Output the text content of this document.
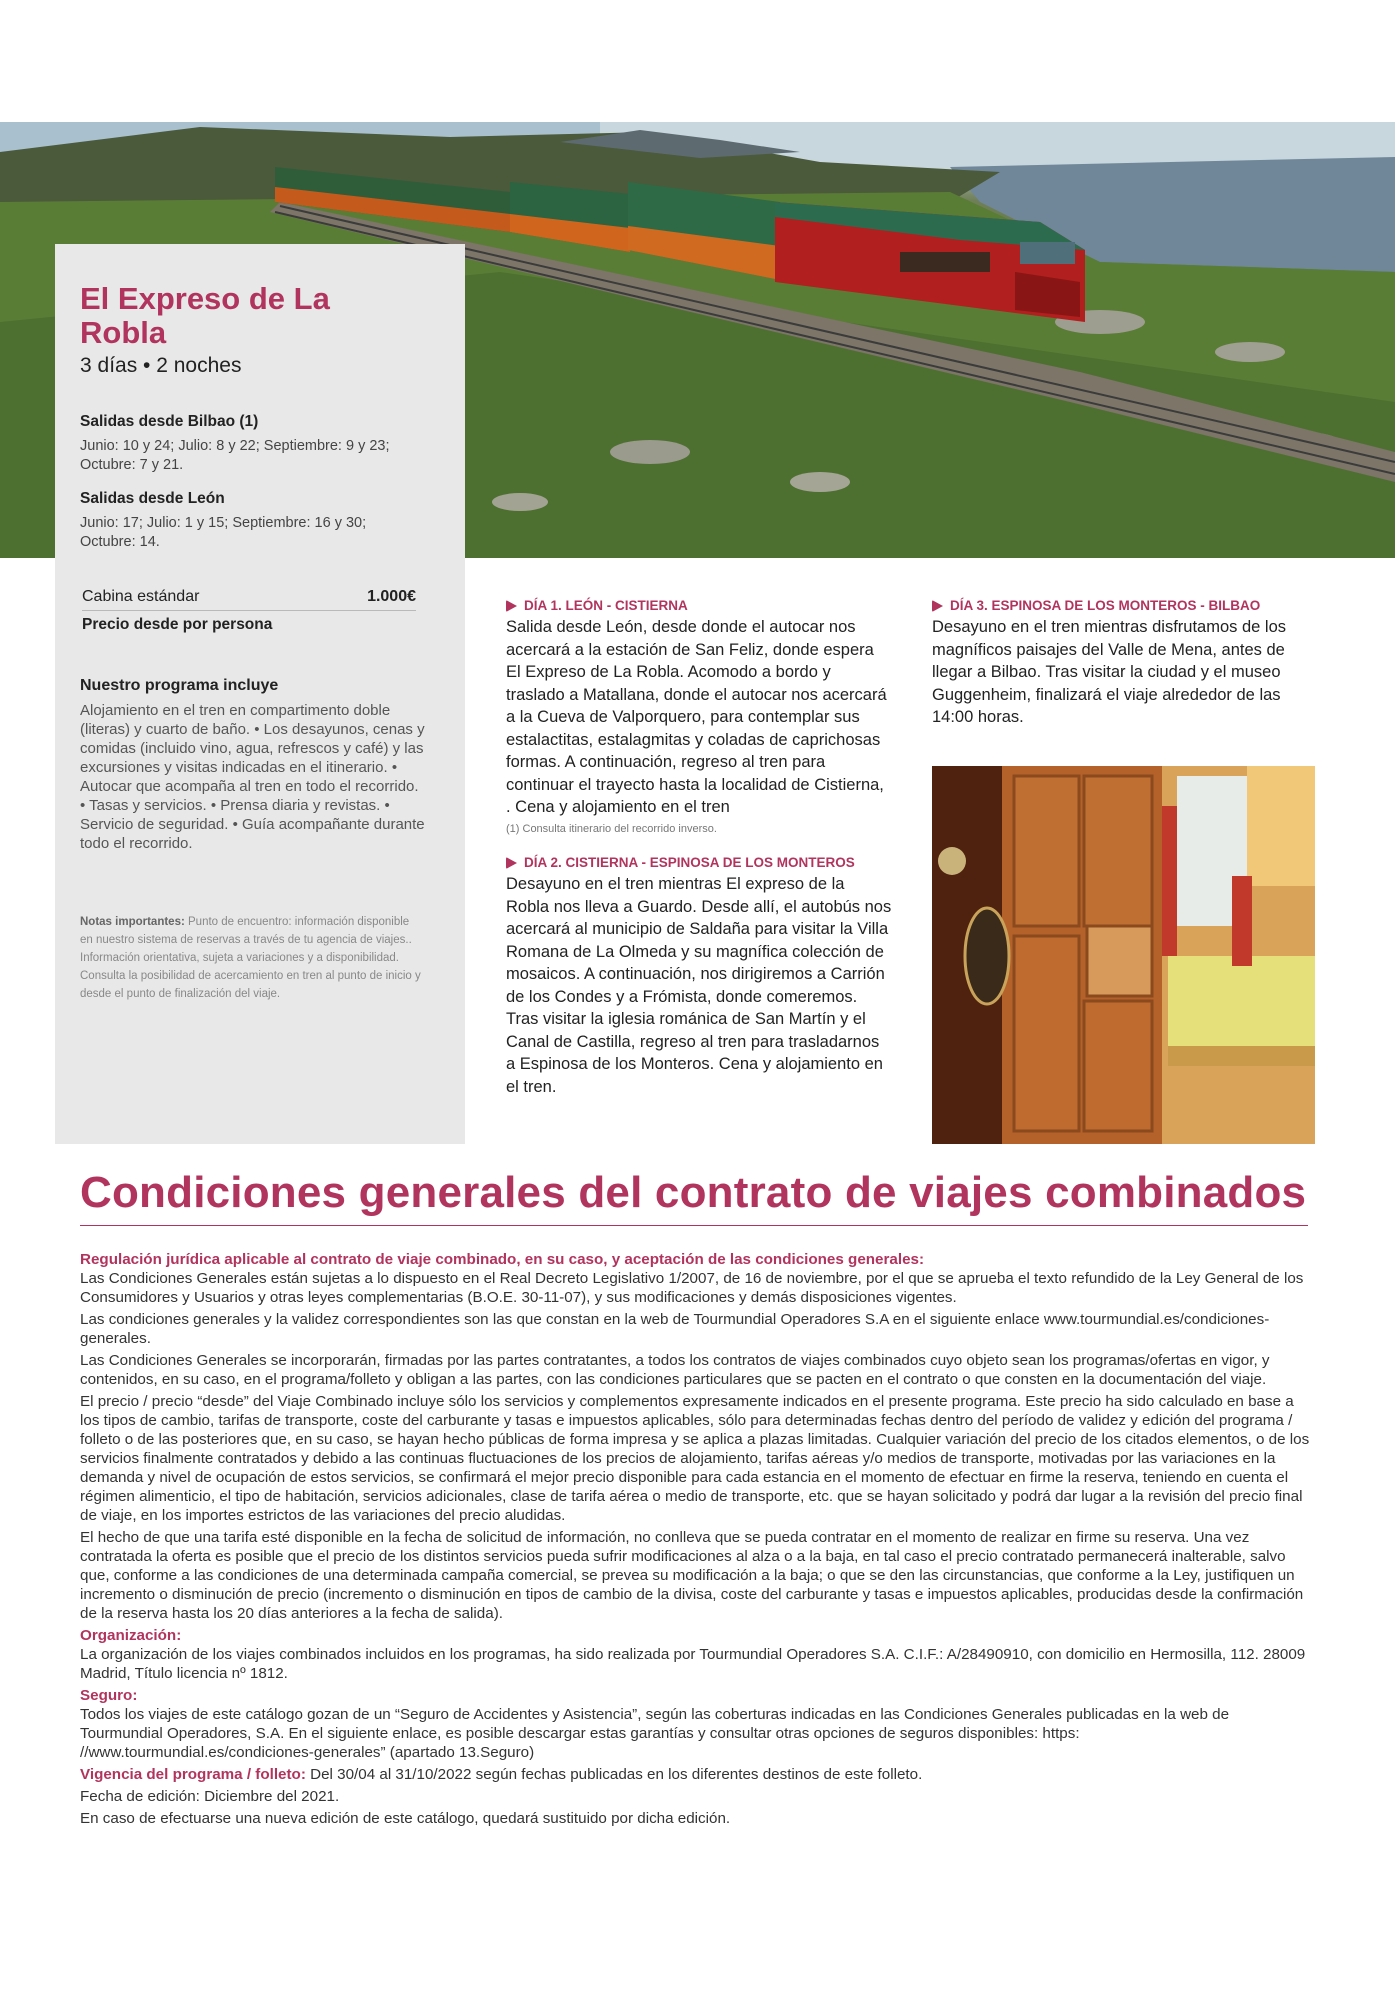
El Expreso de La Robla
3 días • 2 noches
Salidas desde Bilbao (1)
Junio: 10 y 24; Julio: 8 y 22; Septiembre: 9 y 23; Octubre: 7 y 21.
Salidas desde León
Junio: 17; Julio: 1 y 15; Septiembre: 16 y 30; Octubre: 14.
Cabina estándar	1.000€
Precio desde por persona
Nuestro programa incluye
Alojamiento en el tren en compartimento doble (literas) y cuarto de baño. • Los desayunos, cenas y comidas (incluido vino, agua, refrescos y café) y las excursiones y visitas indicadas en el itinerario. • Autocar que acompaña al tren en todo el recorrido. • Tasas y servicios. • Prensa diaria y revistas. • Servicio de seguridad. • Guía acompañante durante todo el recorrido.
Notas importantes: Punto de encuentro: información disponible en nuestro sistema de reservas a través de tu agencia de viajes.. Información orientativa, sujeta a variaciones y a disponibilidad. Consulta la posibilidad de acercamiento en tren al punto de inicio y desde el punto de finalización del viaje.
DÍA 1. LEÓN - CISTIERNA
Salida desde León, desde donde el autocar nos acercará a la estación de San Feliz, donde espera El Expreso de La Robla. Acomodo a bordo y traslado a Matallana, donde el autocar nos acercará a la Cueva de Valporquero, para contemplar sus estalactitas, estalagmitas y coladas de caprichosas formas. A continuación, regreso al tren para continuar el trayecto hasta la localidad de Cistierna, . Cena y alojamiento en el tren
(1) Consulta itinerario del recorrido inverso.
DÍA 2. CISTIERNA - ESPINOSA DE LOS MONTEROS
Desayuno en el tren mientras El expreso de la Robla nos lleva a Guardo. Desde allí, el autobús nos acercará al municipio de Saldaña para visitar la Villa Romana de La Olmeda y su magnífica colección de mosaicos. A continuación, nos dirigiremos a Carrión de los Condes y a Frómista, donde comeremos. Tras visitar la iglesia románica de San Martín y el Canal de Castilla, regreso al tren para trasladarnos a Espinosa de los Monteros. Cena y alojamiento en el tren.
DÍA 3. ESPINOSA DE LOS MONTEROS - BILBAO
Desayuno en el tren mientras disfrutamos de los magníficos paisajes del Valle de Mena, antes de llegar a Bilbao. Tras visitar la ciudad y el museo Guggenheim, finalizará el viaje alrededor de las 14:00 horas.
Condiciones generales del contrato de viajes combinados

Regulación jurídica aplicable al contrato de viaje combinado, en su caso, y aceptación de las condiciones generales:

Las Condiciones Generales están sujetas a lo dispuesto en el Real Decreto Legislativo 1/2007, de 16 de noviembre, por el que se aprueba el texto refundido de la Ley General de los Consumidores y Usuarios y otras leyes complementarias (B.O.E. 30-11-07), y sus modificaciones y demás disposiciones vigentes.

Las condiciones generales y la validez correspondientes son las que constan en la web de Tourmundial Operadores S.A en el siguiente enlace www.tourmundial.es/condiciones-generales.

Las Condiciones Generales se incorporarán, firmadas por las partes contratantes, a todos los contratos de viajes combinados cuyo objeto sean los programas/ofertas en vigor, y contenidos, en su caso, en el programa/folleto y obligan a las partes, con las condiciones particulares que se pacten en el contrato o que consten en la documentación del viaje.

El precio / precio “desde” del Viaje Combinado incluye sólo los servicios y complementos expresamente indicados en el presente programa. Este precio ha sido calculado en base a los tipos de cambio, tarifas de transporte, coste del carburante y tasas e impuestos aplicables, sólo para determinadas fechas dentro del período de validez y edición del programa / folleto o de las posteriores que, en su caso, se hayan hecho públicas de forma impresa y se aplica a plazas limitadas. Cualquier variación del precio de los citados elementos, o de los servicios finalmente contratados y debido a las continuas fluctuaciones de los precios de alojamiento, tarifas aéreas y/o medios de transporte, motivadas por las variaciones en la demanda y nivel de ocupación de estos servicios, se confirmará el mejor precio disponible para cada estancia en el momento de efectuar en firme la reserva, teniendo en cuenta el régimen alimenticio, el tipo de habitación, servicios adicionales, clase de tarifa aérea o medio de transporte, etc. que se hayan solicitado y podrá dar lugar a la revisión del precio final de viaje, en los importes estrictos de las variaciones del precio aludidas.

El hecho de que una tarifa esté disponible en la fecha de solicitud de información, no conlleva que se pueda contratar en el momento de realizar en firme su reserva. Una vez contratada la oferta es posible que el precio de los distintos servicios pueda sufrir modificaciones al alza o a la baja, en tal caso el precio contratado permanecerá inalterable, salvo que, conforme a las condiciones de una determinada campaña comercial, se prevea su modificación a la baja; o que se den las circunstancias, que conforme a la Ley, justifiquen un incremento o disminución de precio (incremento o disminución en tipos de cambio de la divisa, coste del carburante y tasas e impuestos aplicables, producidas desde la confirmación de la reserva hasta los 20 días anteriores a la fecha de salida).

Organización:

La organización de los viajes combinados incluidos en los programas, ha sido realizada por Tourmundial Operadores S.A. C.I.F.: A/28490910, con domicilio en Hermosilla, 112. 28009 Madrid, Título licencia nº 1812.

Seguro:

Todos los viajes de este catálogo gozan de un “Seguro de Accidentes y Asistencia”, según las coberturas indicadas en las Condiciones Generales publicadas en la web de Tourmundial Operadores, S.A. En el siguiente enlace, es posible descargar estas garantías y consultar otras opciones de seguros disponibles: https: //www.tourmundial.es/condiciones-generales” (apartado 13.Seguro)

Vigencia del programa / folleto: Del 30/04 al 31/10/2022 según fechas publicadas en los diferentes destinos de este folleto.

Fecha de edición: Diciembre del 2021.

En caso de efectuarse una nueva edición de este catálogo, quedará sustituido por dicha edición.
